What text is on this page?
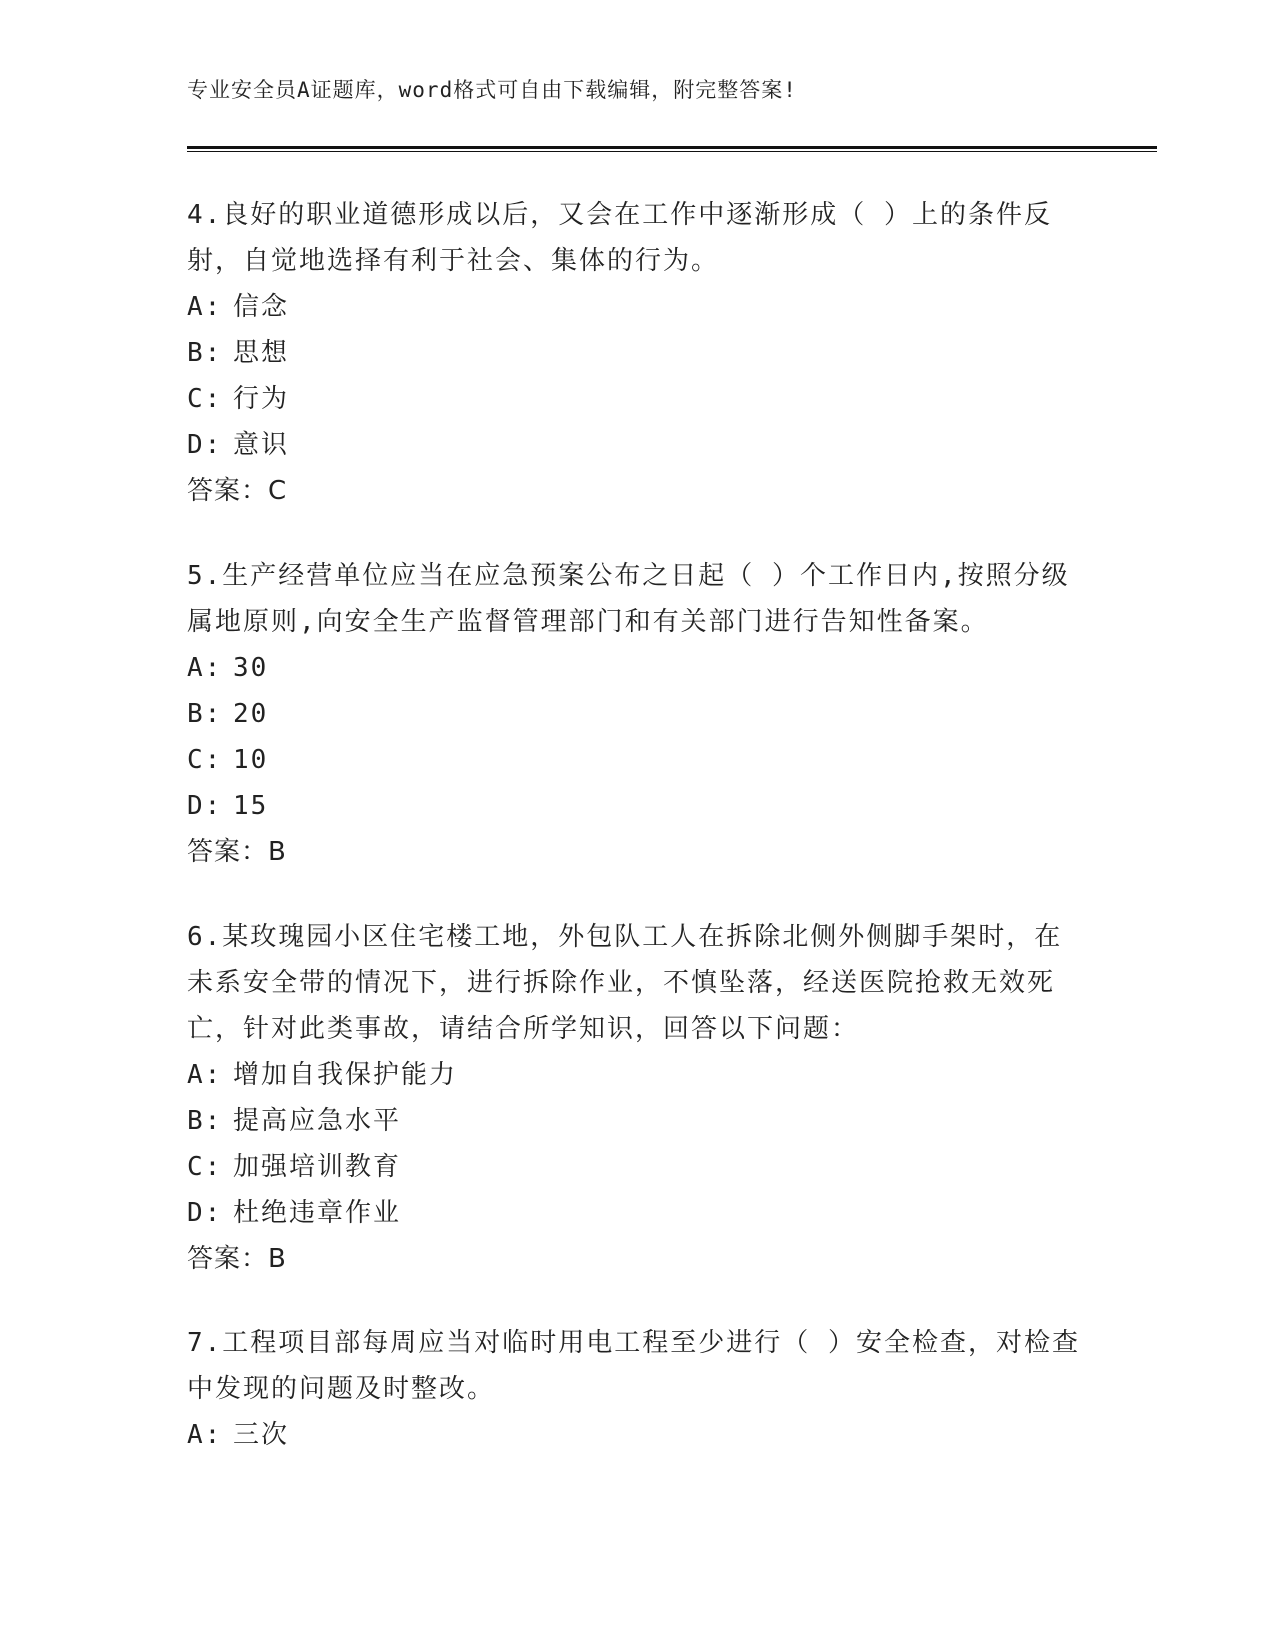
专业安全员A证题库，word格式可自由下载编辑，附完整答案!
4.良好的职业道德形成以后，又会在工作中逐渐形成（ ）上的条件反射，自觉地选择有利于社会、集体的行为。
A: 信念
B: 思想
C: 行为
D: 意识
答案：C
5.生产经营单位应当在应急预案公布之日起（ ）个工作日内,按照分级属地原则,向安全生产监督管理部门和有关部门进行告知性备案。
A: 30
B: 20
C: 10
D: 15
答案：B
6.某玫瑰园小区住宅楼工地，外包队工人在拆除北侧外侧脚手架时，在未系安全带的情况下，进行拆除作业，不慎坠落，经送医院抢救无效死亡，针对此类事故，请结合所学知识，回答以下问题：
A: 增加自我保护能力
B: 提高应急水平
C: 加强培训教育
D: 杜绝违章作业
答案：B
7.工程项目部每周应当对临时用电工程至少进行（ ）安全检查，对检查中发现的问题及时整改。
A: 三次
